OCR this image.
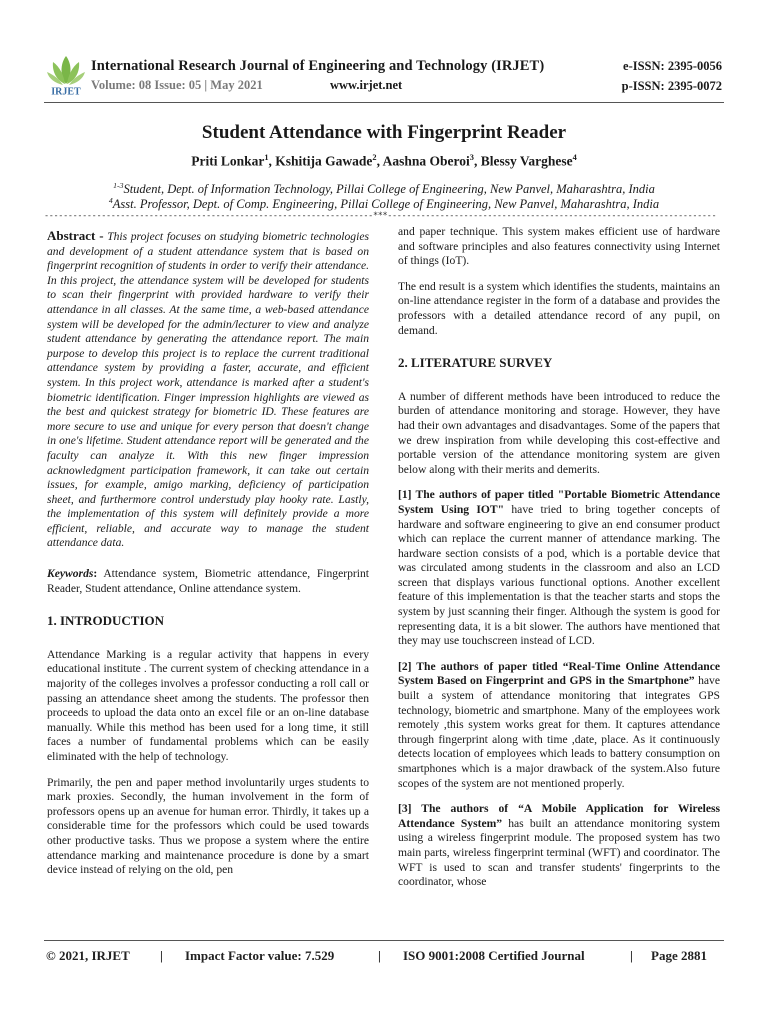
IRJET
International Research Journal of Engineering and Technology (IRJET)
Volume: 08 Issue: 05 | May 2021	www.irjet.net
e-ISSN: 2395-0056
p-ISSN: 2395-0072
Student Attendance with Fingerprint Reader
Priti Lonkar$^1$, Kshitija Gawade$^2$, Aashna Oberoi$^3$, Blessy Varghese$^4$
$^{1-3}$Student, Dept. of Information Technology, Pillai College of Engineering, New Panvel, Maharashtra, India
$^4$Asst. Professor, Dept. of Comp. Engineering, Pillai College of Engineering, New Panvel, Maharashtra, India
---------------------------------------------------------------------***---------------------------------------------------------------------

Abstract - This project focuses on studying biometric technologies and development of a student attendance system that is based on fingerprint recognition of students in order to verify their attendance. In this project, the attendance system will be developed for students to scan their fingerprint with provided hardware to verify their attendance in all classes. At the same time, a web-based attendance system will be developed for the admin/lecturer to view and analyze student attendance by generating the attendance report. The main purpose to develop this project is to replace the current traditional attendance system by providing a faster, accurate, and efficient system. In this project work, attendance is marked after a student's biometric identification. Finger impression highlights are viewed as the best and quickest strategy for biometric ID. These features are more secure to use and unique for every person that doesn't change in one's lifetime. Student attendance report will be generated and the faculty can analyze it. With this new finger impression acknowledgment participation framework, it can take out certain issues, for example, amigo marking, deficiency of participation sheet, and furthermore control understudy play hooky rate. Lastly, the implementation of this system will definitely provide a more efficient, reliable, and accurate way to manage the student attendance data.

Keywords: Attendance system, Biometric attendance, Fingerprint Reader, Student attendance, Online attendance system.

1. INTRODUCTION

Attendance Marking is a regular activity that happens in every educational institute . The current system of checking attendance in a majority of the colleges involves a professor conducting a roll call or passing an attendance sheet among the students. The professor then proceeds to upload the data onto an excel file or an on-line database manually. While this method has been used for a long time, it still faces a number of fundamental problems which can be easily eliminated with the help of technology.

Primarily, the pen and paper method involuntarily urges students to mark proxies. Secondly, the human involvement in the form of professors opens up an avenue for human error. Thirdly, it takes up a considerable time for the professors which could be used towards other productive tasks. Thus we propose a system where the entire attendance marking and maintenance procedure is done by a smart device instead of relying on the old, pen

and paper technique. This system makes efficient use of hardware and software principles and also features connectivity using Internet of things (IoT).

The end result is a system which identifies the students, maintains an on-line attendance register in the form of a database and provides the professors with a detailed attendance record of any pupil, on demand.

2. LITERATURE SURVEY

A number of different methods have been introduced to reduce the burden of attendance monitoring and storage. However, they have had their own advantages and disadvantages. Some of the papers that we drew inspiration from while developing this cost-effective and portable version of the attendance monitoring system are given below along with their merits and demerits.

[1] The authors of paper titled "Portable Biometric Attendance System Using IOT" have tried to bring together concepts of hardware and software engineering to give an end consumer product which can replace the current manner of attendance marking. The hardware section consists of a pod, which is a portable device that was circulated among students in the classroom and also an LCD screen that displays various functional options. Another excellent feature of this implementation is that the teacher starts and stops the system by just scanning their finger. Although the system is good for representing data, it is a bit slower. The authors have mentioned that they may use touchscreen instead of LCD.

[2] The authors of paper titled “Real-Time Online Attendance System Based on Fingerprint and GPS in the Smartphone” have built a system of attendance monitoring that integrates GPS technology, biometric and smartphone. Many of the employees work remotely ,this system works great for them. It captures attendance through fingerprint along with time ,date, place. As it continuously detects location of employees which leads to battery consumption on smartphones which is a major drawback of the system.Also future scopes of the system are not mentioned properly.

[3] The authors of “A Mobile Application for Wireless Attendance System” has built an attendance monitoring system using a wireless fingerprint module. The proposed system has two main parts, wireless fingerprint terminal (WFT) and coordinator. The WFT is used to scan and transfer students' fingerprints to the coordinator, whose

© 2021, IRJET | Impact Factor value: 7.529	| ISO 9001:2008 Certified Journal	| Page 2881
